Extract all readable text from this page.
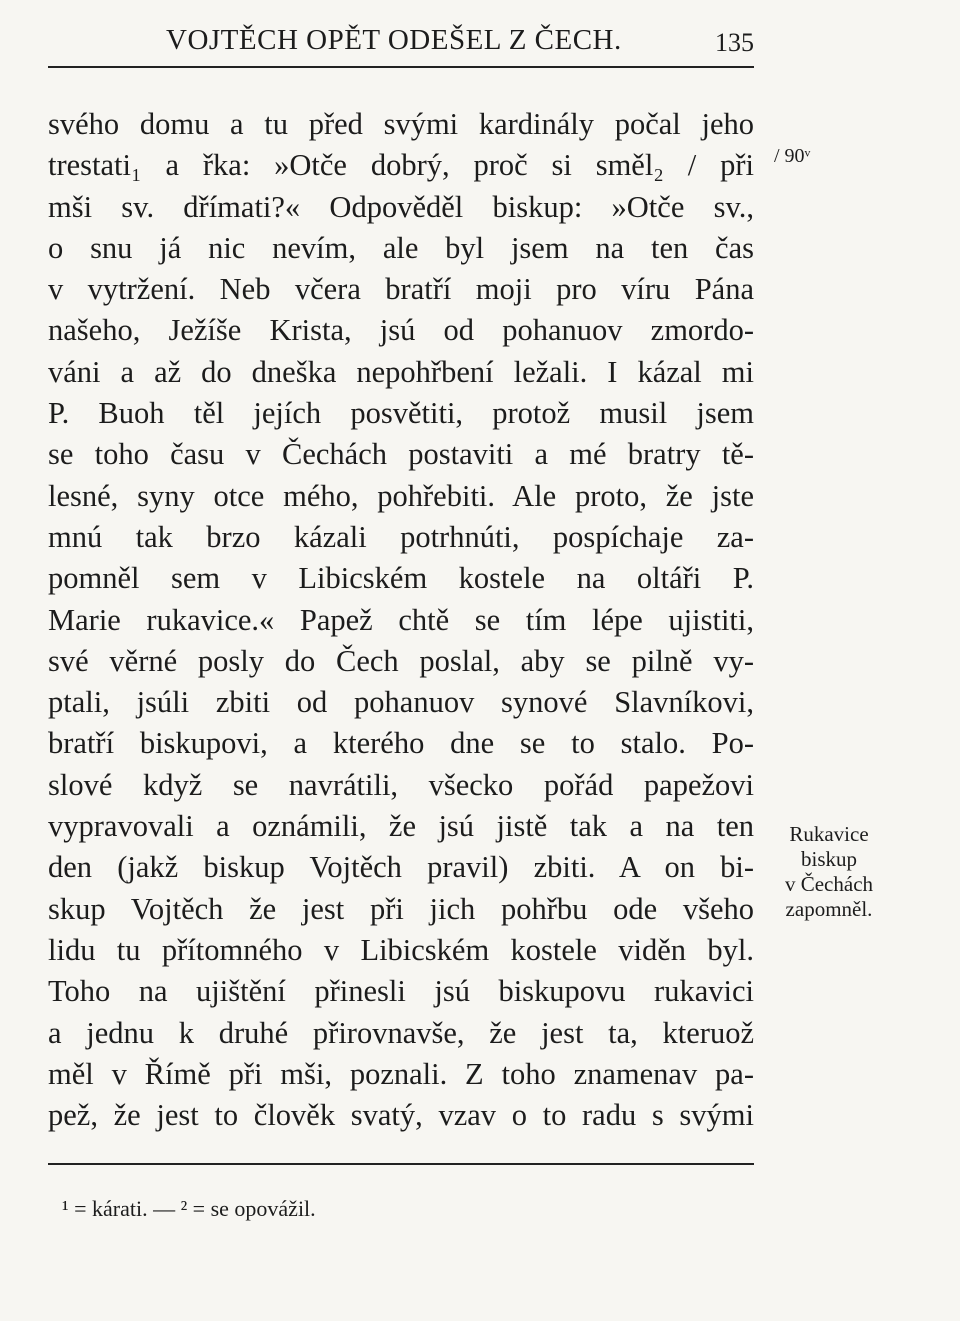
VOJTĚCH OPĚT ODEŠEL Z ČECH.	135
svého domu a tu před svými kardinály počal jeho
trestati₁ a řka: »Otče dobrý, proč si směl₂ / při
mši sv. dřímati?« Odpověděl biskup: »Otče sv.,
o snu já nic nevím, ale byl jsem na ten čas
v vytržení. Neb včera bratří moji pro víru Pána
našeho, Ježíše Krista, jsú od pohanuov zmordo-
váni a až do dneška nepohřbení ležali. I kázal mi
P. Buoh těl jejích posvětiti, protož musil jsem
se toho času v Čechách postaviti a mé bratry tě-
lesné, syny otce mého, pohřebiti. Ale proto, že jste
mnú tak brzo kázali potrhnúti, pospíchaje za-
pomněl sem v Libicském kostele na oltáři P.
Marie rukavice.« Papež chtě se tím lépe ujistiti,
své věrné posly do Čech poslal, aby se pilně vy-
ptali, jsúli zbiti od pohanuov synové Slavníkovi,
bratří biskupovi, a kterého dne se to stalo. Po-
slové když se navrátili, všecko pořád papežovi
vypravovali a oznámili, že jsú jistě tak a na ten
den (jakž biskup Vojtěch pravil) zbiti. A on bi-
skup Vojtěch že jest při jich pohřbu ode všeho
lidu tu přítomného v Libicském kostele viděn byl.
Toho na ujištění přinesli jsú biskupovu rukavici
a jednu k druhé přirovnavše, že jest ta, kteruož
měl v Římě při mši, poznali. Z toho znamenav pa-
pež, že jest to člověk svatý, vzav o to radu s svými
/ 90ᵛ
Rukavice
biskup
v Čechách
zapomněl.
¹ = kárati. — ² = se opovážil.
